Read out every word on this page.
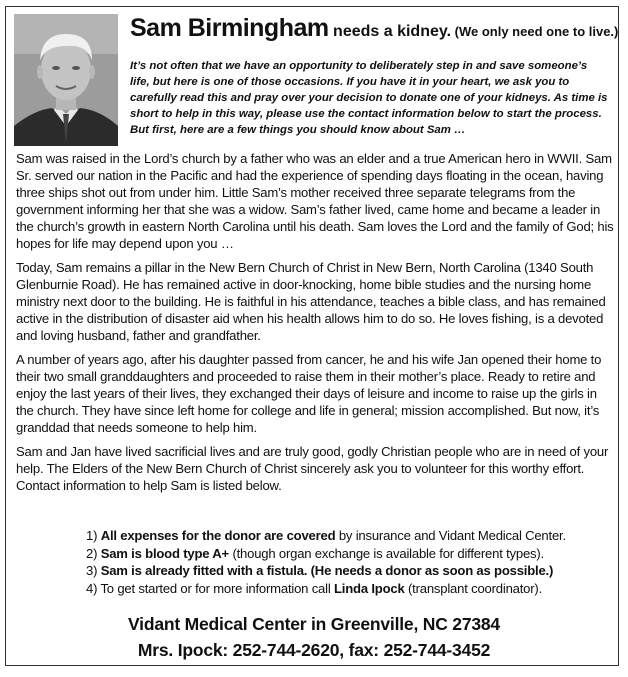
Sam Birmingham needs a kidney. (We only need one to live.)
It’s not often that we have an opportunity to deliberately step in and save someone’s life, but here is one of those occasions. If you have it in your heart, we ask you to carefully read this and pray over your decision to donate one of your kidneys. As time is short to help in this way, please use the contact information below to start the process. But first, here are a few things you should know about Sam …

Sam was raised in the Lord’s church by a father who was an elder and a true American hero in WWII. Sam Sr. served our nation in the Pacific and had the experience of spending days floating in the ocean, having three ships shot out from under him. Little Sam’s mother received three separate telegrams from the government informing her that she was a widow. Sam’s father lived, came home and became a leader in the church’s growth in eastern North Carolina until his death. Sam loves the Lord and the family of God; his hopes for life may depend upon you …

Today, Sam remains a pillar in the New Bern Church of Christ in New Bern, North Carolina (1340 South Glenburnie Road). He has remained active in door-knocking, home bible studies and the nursing home ministry next door to the building. He is faithful in his attendance, teaches a bible class, and has remained active in the distribution of disaster aid when his health allows him to do so. He loves fishing, is a devoted and loving husband, father and grandfather.

A number of years ago, after his daughter passed from cancer, he and his wife Jan opened their home to their two small granddaughters and proceeded to raise them in their mother’s place. Ready to retire and enjoy the last years of their lives, they exchanged their days of leisure and income to raise up the girls in the church. They have since left home for college and life in general; mission accomplished. But now, it’s granddad that needs someone to help him.

Sam and Jan have lived sacrificial lives and are truly good, godly Christian people who are in need of your help. The Elders of the New Bern Church of Christ sincerely ask you to volunteer for this worthy effort. Contact information to help Sam is listed below.

1) All expenses for the donor are covered by insurance and Vidant Medical Center.
2) Sam is blood type A+ (though organ exchange is available for different types).
3) Sam is already fitted with a fistula. (He needs a donor as soon as possible.)
4) To get started or for more information call Linda Ipock (transplant coordinator).
Vidant Medical Center in Greenville, NC 27384
Mrs. Ipock: 252-744-2620, fax: 252-744-3452
